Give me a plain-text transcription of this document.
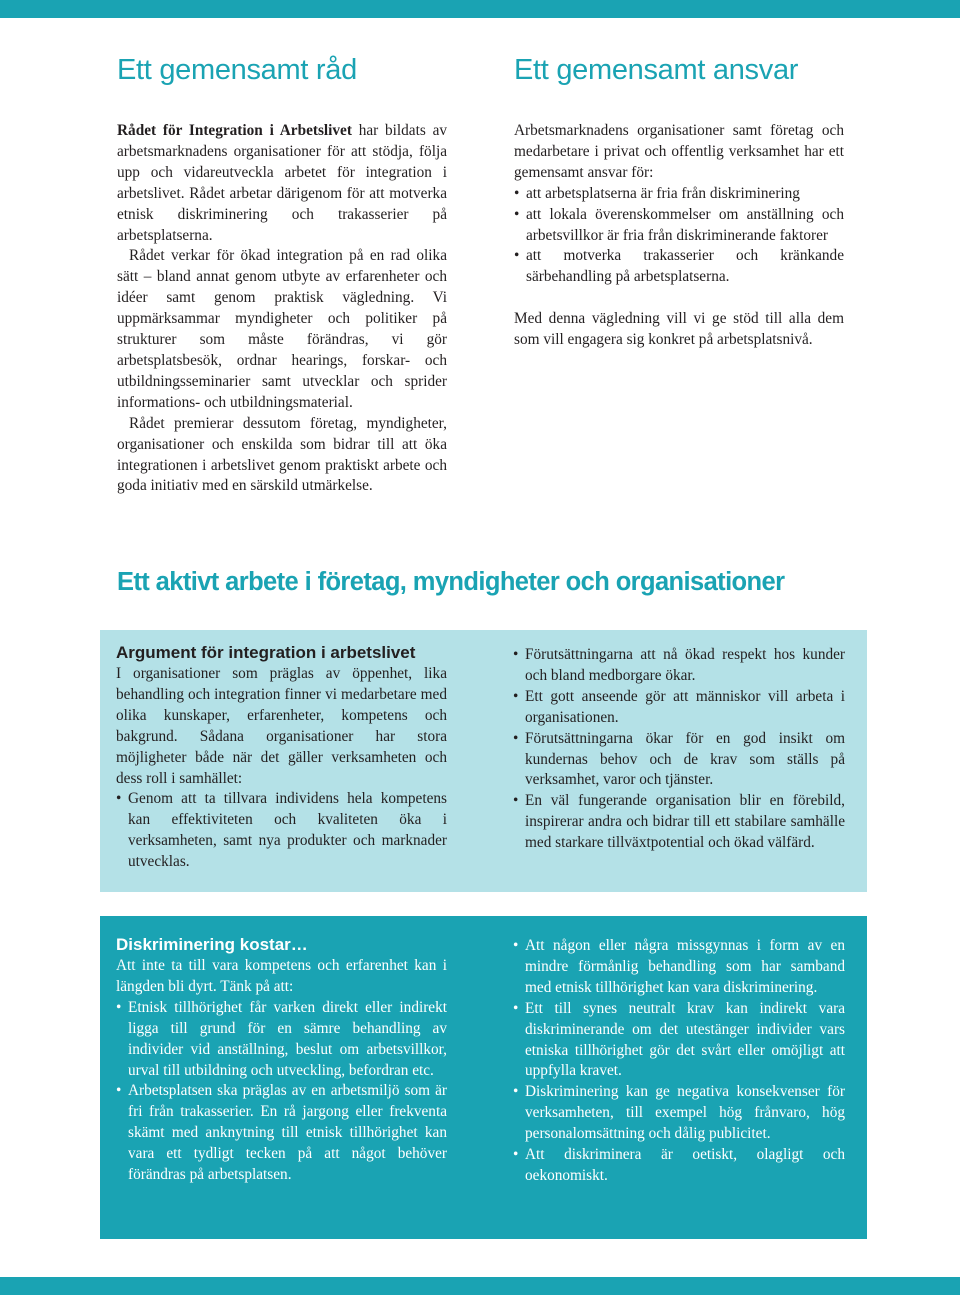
Ett gemensamt råd

Rådet för Integration i Arbetslivet har bildats av arbetsmarknadens organisationer för att stödja, följa upp och vidareutveckla arbetet för integration i arbetslivet. Rådet arbetar därigenom för att motverka etnisk diskriminering och trakasserier på arbetsplatserna.

Rådet verkar för ökad integration på en rad olika sätt – bland annat genom utbyte av erfarenheter och idéer samt genom praktisk vägledning. Vi uppmärksammar myndigheter och politiker på strukturer som måste förändras, vi gör arbetsplatsbesök, ordnar hearings, forskar- och utbildningsseminarier samt utvecklar och sprider informations- och utbildningsmaterial.

Rådet premierar dessutom företag, myndigheter, organisationer och enskilda som bidrar till att öka integrationen i arbetslivet genom praktiskt arbete och goda initiativ med en särskild utmärkelse.

Ett gemensamt ansvar

Arbetsmarknadens organisationer samt företag och medarbetare i privat och offentlig verksamhet har ett gemensamt ansvar för:

• att arbetsplatserna är fria från diskriminering
• att lokala överenskommelser om anställning och arbetsvillkor är fria från diskriminerande faktorer
• att motverka trakasserier och kränkande särbehandling på arbetsplatserna.

Med denna vägledning vill vi ge stöd till alla dem som vill engagera sig konkret på arbetsplatsnivå.

Ett aktivt arbete i företag, myndigheter och organisationer

Argument för integration i arbetslivet

I organisationer som präglas av öppenhet, lika behandling och integration finner vi medarbetare med olika kunskaper, erfarenheter, kompetens och bakgrund. Sådana organisationer har stora möjligheter både när det gäller verksamheten och dess roll i samhället:

• Genom att ta tillvara individens hela kompetens kan effektiviteten och kvaliteten öka i verksamheten, samt nya produkter och marknader utvecklas.
• Förutsättningarna att nå ökad respekt hos kunder och bland medborgare ökar.
• Ett gott anseende gör att människor vill arbeta i organisationen.
• Förutsättningarna ökar för en god insikt om kundernas behov och de krav som ställs på verksamhet, varor och tjänster.
• En väl fungerande organisation blir en förebild, inspirerar andra och bidrar till ett stabilare samhälle med starkare tillväxtpotential och ökad välfärd.

Diskriminering kostar…

Att inte ta till vara kompetens och erfarenhet kan i längden bli dyrt. Tänk på att:

• Etnisk tillhörighet får varken direkt eller indirekt ligga till grund för en sämre behandling av individer vid anställning, beslut om arbetsvillkor, urval till utbildning och utveckling, befordran etc.
• Arbetsplatsen ska präglas av en arbetsmiljö som är fri från trakasserier. En rå jargong eller frekventa skämt med anknytning till etnisk tillhörighet kan vara ett tydligt tecken på att något behöver förändras på arbetsplatsen.
• Att någon eller några missgynnas i form av en mindre förmånlig behandling som har samband med etnisk tillhörighet kan vara diskriminering.
• Ett till synes neutralt krav kan indirekt vara diskriminerande om det utestänger individer vars etniska tillhörighet gör det svårt eller omöjligt att uppfylla kravet.
• Diskriminering kan ge negativa konsekvenser för verksamheten, till exempel hög frånvaro, hög personalomsättning och dålig publicitet.
• Att diskriminera är oetiskt, olagligt och oekonomiskt.
